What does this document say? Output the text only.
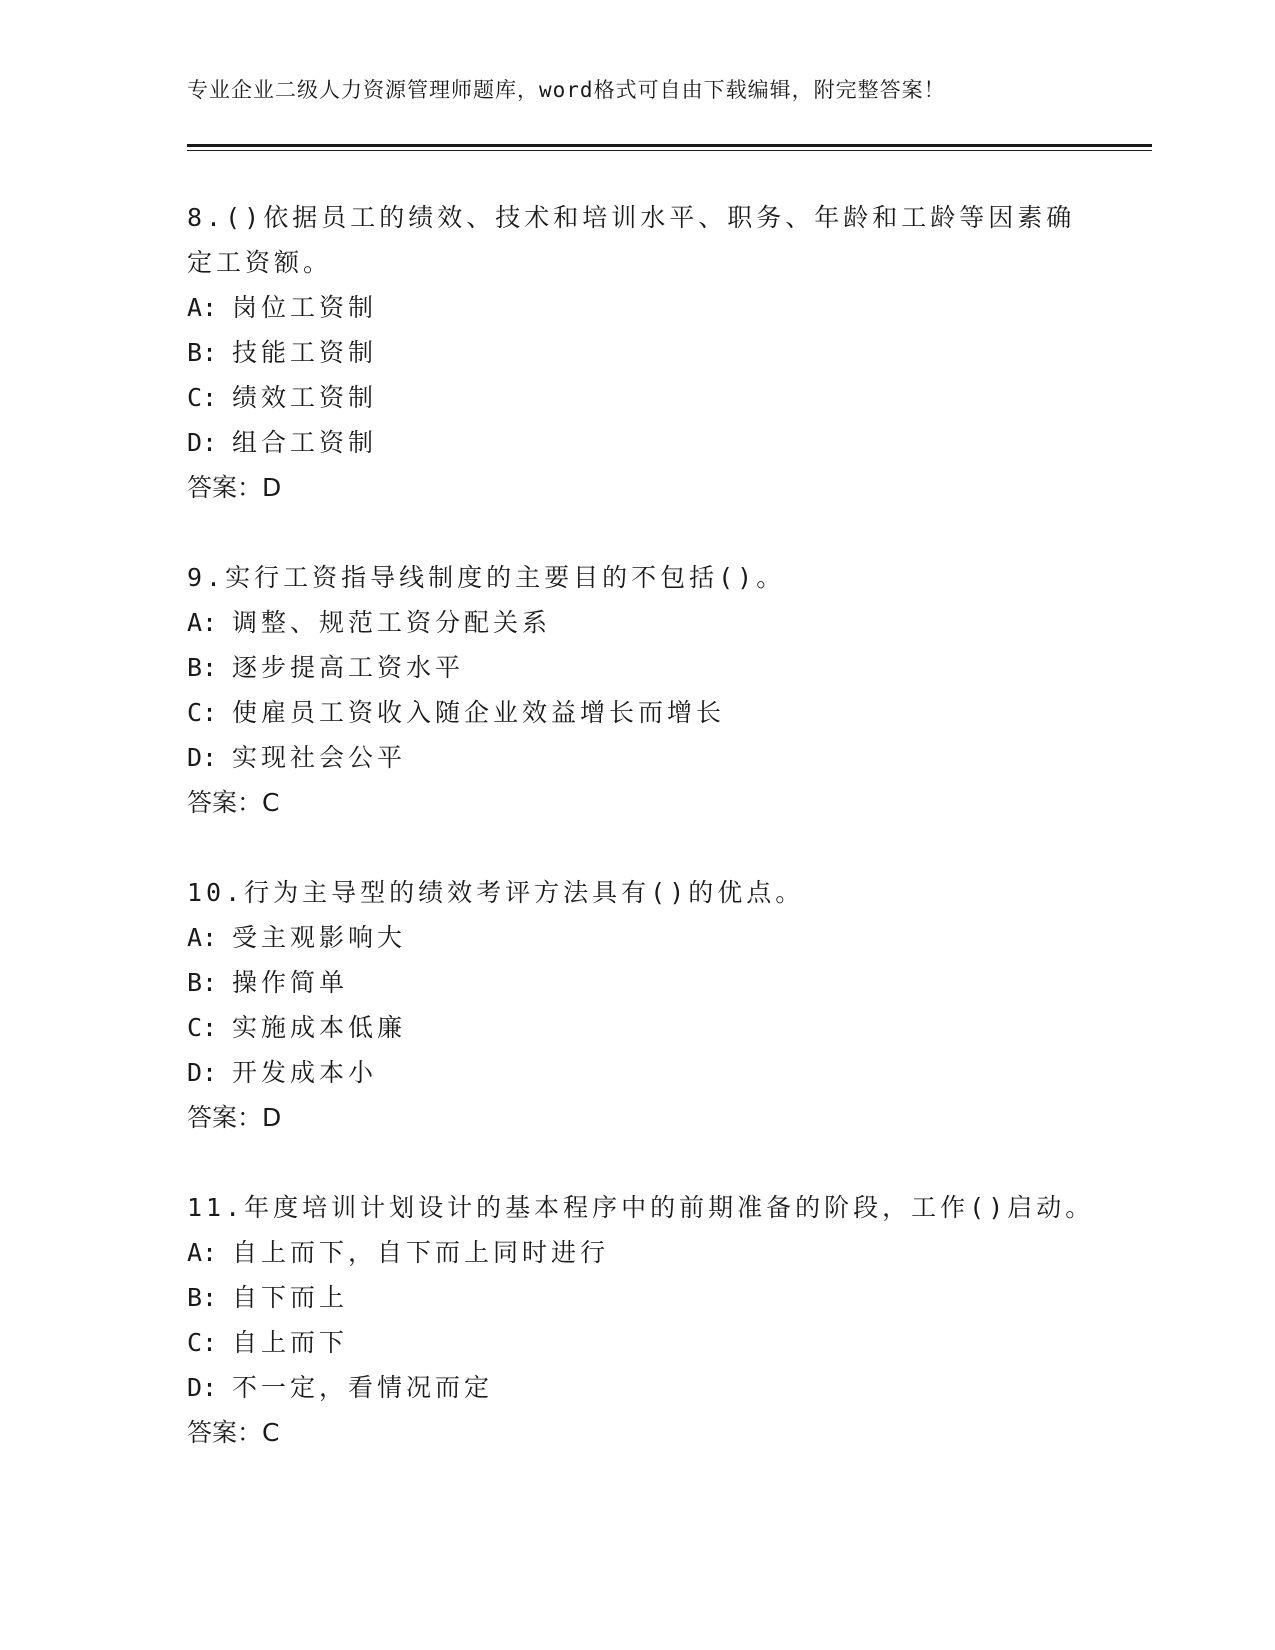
专业企业二级人力资源管理师题库，word格式可自由下载编辑，附完整答案！
8.()依据员工的绩效、技术和培训水平、职务、年龄和工龄等因素确
定工资额。
A: 岗位工资制
B: 技能工资制
C: 绩效工资制
D: 组合工资制
答案：D
9.实行工资指导线制度的主要目的不包括()。
A: 调整、规范工资分配关系
B: 逐步提高工资水平
C: 使雇员工资收入随企业效益增长而增长
D: 实现社会公平
答案：C
10.行为主导型的绩效考评方法具有()的优点。
A: 受主观影响大
B: 操作简单
C: 实施成本低廉
D: 开发成本小
答案：D
11.年度培训计划设计的基本程序中的前期准备的阶段，工作()启动。
A: 自上而下，自下而上同时进行
B: 自下而上
C: 自上而下
D: 不一定，看情况而定
答案：C
